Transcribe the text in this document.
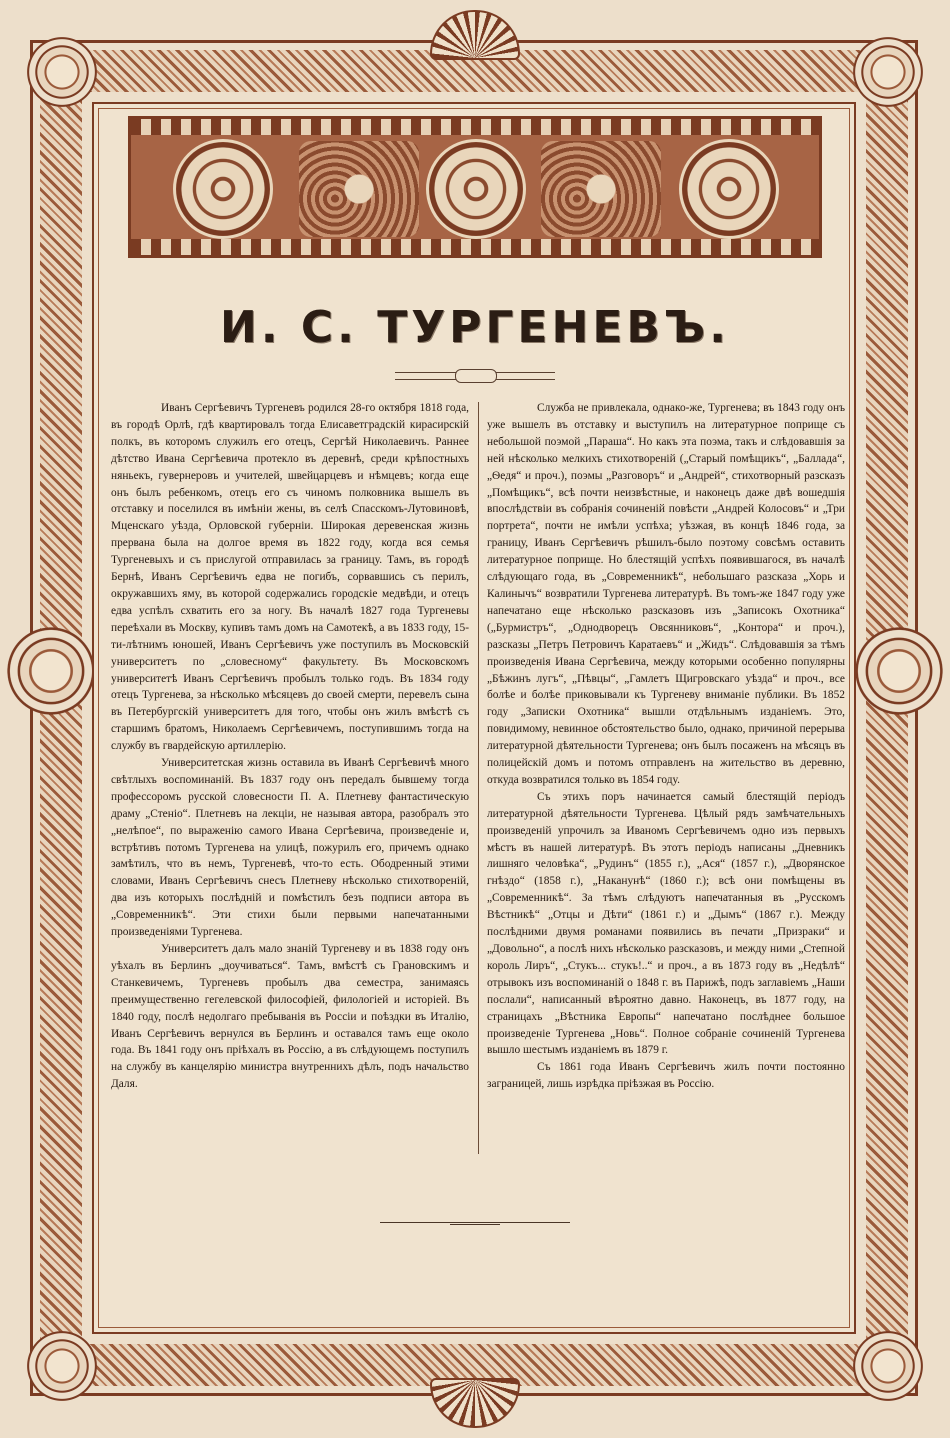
И. С. ТУРГЕНЕВЪ.

Иванъ Сергѣевичъ Тургеневъ родился 28-го октября 1818 года, въ городѣ Орлѣ, гдѣ квартировалъ тогда Елисаветградскій кирасирскій полкъ, въ которомъ служилъ его отецъ, Сергѣй Николаевичъ. Раннее дѣтство Ивана Сергѣевича протекло въ деревнѣ, среди крѣпостныхъ няньекъ, гувернеровъ и учителей, швейцарцевъ и нѣмцевъ; когда еще онъ былъ ребенкомъ, отецъ его съ чиномъ полковника вышелъ въ отставку и поселился въ имѣніи жены, въ селѣ Спасскомъ-Лутовиновѣ, Мценскаго уѣзда, Орловской губерніи. Широкая деревенская жизнь прервана была на долгое время въ 1822 году, когда вся семья Тургеневыхъ и съ прислугой отправилась за границу. Тамъ, въ городѣ Бернѣ, Иванъ Сергѣевичъ едва не погибъ, сорвавшись съ перилъ, окружавшихъ яму, въ которой содержались городскіе медвѣди, и отецъ едва успѣлъ схватить его за ногу. Въ началѣ 1827 года Тургеневы переѣхали въ Москву, купивъ тамъ домъ на Самотекѣ, а въ 1833 году, 15-ти-лѣтнимъ юношей, Иванъ Сергѣевичъ уже поступилъ въ Московскій университетъ по „словесному“ факультету. Въ Московскомъ университетѣ Иванъ Сергѣевичъ пробылъ только годъ. Въ 1834 году отецъ Тургенева, за нѣсколько мѣсяцевъ до своей смерти, перевелъ сына въ Петербургскій университетъ для того, чтобы онъ жилъ вмѣстѣ съ старшимъ братомъ, Николаемъ Сергѣевичемъ, поступившимъ тогда на службу въ гвардейскую артиллерію.

Университетская жизнь оставила въ Иванѣ Сергѣевичѣ много свѣтлыхъ воспоминаній. Въ 1837 году онъ передалъ бывшему тогда профессоромъ русской словесности П. А. Плетневу фантастическую драму „Стеніо“. Плетневъ на лекціи, не называя автора, разобралъ это „нелѣпое“, по выраженію самого Ивана Сергѣевича, произведеніе и, встрѣтивъ потомъ Тургенева на улицѣ, пожурилъ его, причемъ однако замѣтилъ, что въ немъ, Тургеневѣ, что-то есть. Ободренный этими словами, Иванъ Сергѣевичъ снесъ Плетневу нѣсколько стихотвореній, два изъ которыхъ послѣдній и помѣстилъ безъ подписи автора въ „Современникѣ“. Эти стихи были первыми напечатанными произведеніями Тургенева.

Университетъ далъ мало знаній Тургеневу и въ 1838 году онъ уѣхалъ въ Берлинъ „доучиваться“. Тамъ, вмѣстѣ съ Грановскимъ и Станкевичемъ, Тургеневъ пробылъ два семестра, занимаясь преимущественно гегелевской философіей, филологіей и исторіей. Въ 1840 году, послѣ недолгаго пребыванія въ Россіи и поѣздки въ Италію, Иванъ Сергѣевичъ вернулся въ Берлинъ и оставался тамъ еще около года. Въ 1841 году онъ пріѣхалъ въ Россію, а въ слѣдующемъ поступилъ на службу въ канцелярію министра внутреннихъ дѣлъ, подъ начальство Даля.

Служба не привлекала, однако-же, Тургенева; въ 1843 году онъ уже вышелъ въ отставку и выступилъ на литературное поприще съ небольшой поэмой „Параша“. Но какъ эта поэма, такъ и слѣдовавшія за ней нѣсколько мелкихъ стихотвореній („Старый помѣщикъ“, „Баллада“, „Ѳедя“ и проч.), поэмы „Разговоръ“ и „Андрей“, стихотворный разсказъ „Помѣщикъ“, всѣ почти неизвѣстные, и наконецъ даже двѣ вошедшія впослѣдствіи въ собранія сочиненій повѣсти „Андрей Колосовъ“ и „Три портрета“, почти не имѣли успѣха; уѣзжая, въ концѣ 1846 года, за границу, Иванъ Сергѣевичъ рѣшилъ-было поэтому совсѣмъ оставить литературное поприще. Но блестящій успѣхъ появившагося, въ началѣ слѣдующаго года, въ „Современникѣ“, небольшаго разсказа „Хорь и Калинычъ“ возвратили Тургенева литературѣ. Въ томъ-же 1847 году уже напечатано еще нѣсколько разсказовъ изъ „Записокъ Охотника“ („Бурмистръ“, „Однодворецъ Овсянниковъ“, „Контора“ и проч.), разсказы „Петръ Петровичъ Каратаевъ“ и „Жидъ“. Слѣдовавшія за тѣмъ произведенія Ивана Сергѣевича, между которыми особенно популярны „Бѣжинъ лугъ“, „Пѣвцы“, „Гамлетъ Щигровскаго уѣзда“ и проч., все болѣе и болѣе приковывали къ Тургеневу вниманіе публики. Въ 1852 году „Записки Охотника“ вышли отдѣльнымъ изданіемъ. Это, повидимому, невинное обстоятельство было, однако, причиной перерыва литературной дѣятельности Тургенева; онъ былъ посаженъ на мѣсяцъ въ полицейскій домъ и потомъ отправленъ на жительство въ деревню, откуда возвратился только въ 1854 году.

Съ этихъ поръ начинается самый блестящій періодъ литературной дѣятельности Тургенева. Цѣлый рядъ замѣчательныхъ произведеній упрочилъ за Иваномъ Сергѣевичемъ одно изъ первыхъ мѣстъ въ нашей литературѣ. Въ этотъ періодъ написаны „Дневникъ лишняго человѣка“, „Рудинъ“ (1855 г.), „Ася“ (1857 г.), „Дворянское гнѣздо“ (1858 г.), „Наканунѣ“ (1860 г.); всѣ они помѣщены въ „Современникѣ“. За тѣмъ слѣдуютъ напечатанныя въ „Русскомъ Вѣстникѣ“ „Отцы и Дѣти“ (1861 г.) и „Дымъ“ (1867 г.). Между послѣдними двумя романами появились въ печати „Призраки“ и „Довольно“, а послѣ нихъ нѣсколько разсказовъ, и между ними „Степной король Лиръ“, „Стукъ... стукъ!..“ и проч., а въ 1873 году въ „Недѣлѣ“ отрывокъ изъ воспоминаній о 1848 г. въ Парижѣ, подъ заглавіемъ „Наши послали“, написанный вѣроятно давно. Наконецъ, въ 1877 году, на страницахъ „Вѣстника Европы“ напечатано послѣднее большое произведеніе Тургенева „Новь“. Полное собраніе сочиненій Тургенева вышло шестымъ изданіемъ въ 1879 г.

Съ 1861 года Иванъ Сергѣевичъ жилъ почти постоянно заграницей, лишь изрѣдка пріѣзжая въ Россію.
